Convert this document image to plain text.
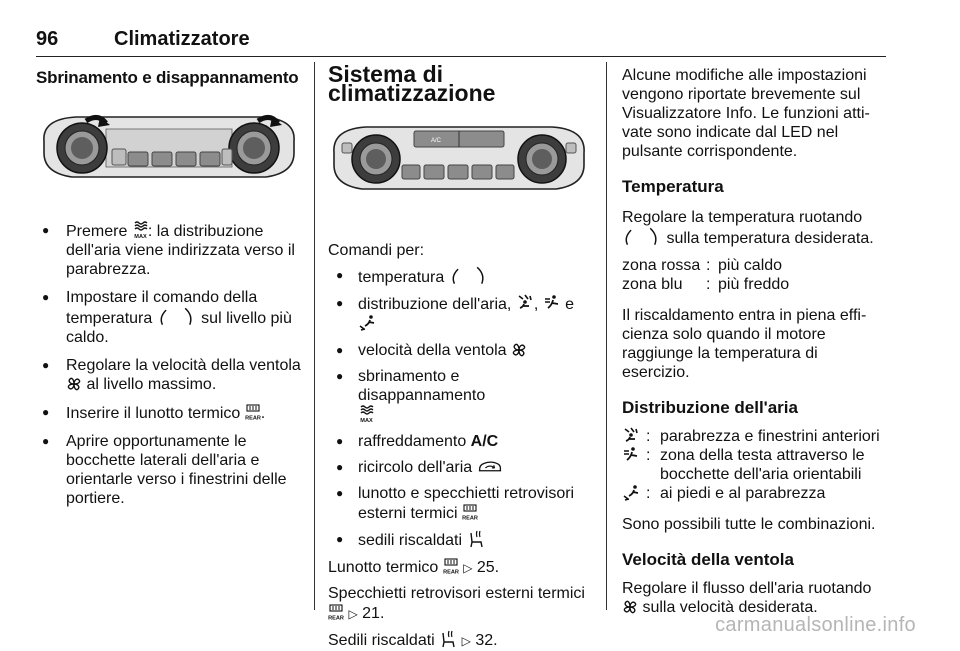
96	Climatizzatore
Sbrinamento e disappannamento
● Premere : la distribuzione dell'aria viene indirizzata verso il parabrezza.
● Impostare il comando della temperatura	sul livello più caldo.
● Regolare la velocità della ventola  al livello massimo.
● Inserire il lunotto termico .
● Aprire opportunamente le bocchette laterali dell'aria e orientarle verso i finestrini delle portiere.
Sistema di climatizzazione
A/C

Comandi per:

● temperatura
● distribuzione dell'aria, , e
● velocità della ventola
● sbrinamento e disappannamento

● raffreddamento A/C
● ricircolo dell'aria
● lunotto e specchietti retrovisori esterni termici
● sedili riscaldati

Lunotto termico ▷ 25.

Specchietti retrovisori esterni termici
▷ 21.

Sedili riscaldati ▷ 32.

Alcune modifiche alle impostazioni vengono riportate brevemente sul Visualizzatore Info. Le funzioni attivate sono indicate dal LED nel pulsante corrispondente.

Temperatura

Regolare la temperatura ruotando  sulla temperatura desiderata.

zona rossa : più caldo
zona blu	: più freddo

Il riscaldamento entra in piena efficienza solo quando il motore raggiunge la temperatura di esercizio.

Distribuzione dell'aria
: parabrezza e finestrini anteriori
: zona della testa attraverso le bocchette dell'aria orientabili
: ai piedi e al parabrezza

Sono possibili tutte le combinazioni.

Velocità della ventola

Regolare il flusso dell'aria ruotando
sulla velocità desiderata.

carmanualsonline.info
